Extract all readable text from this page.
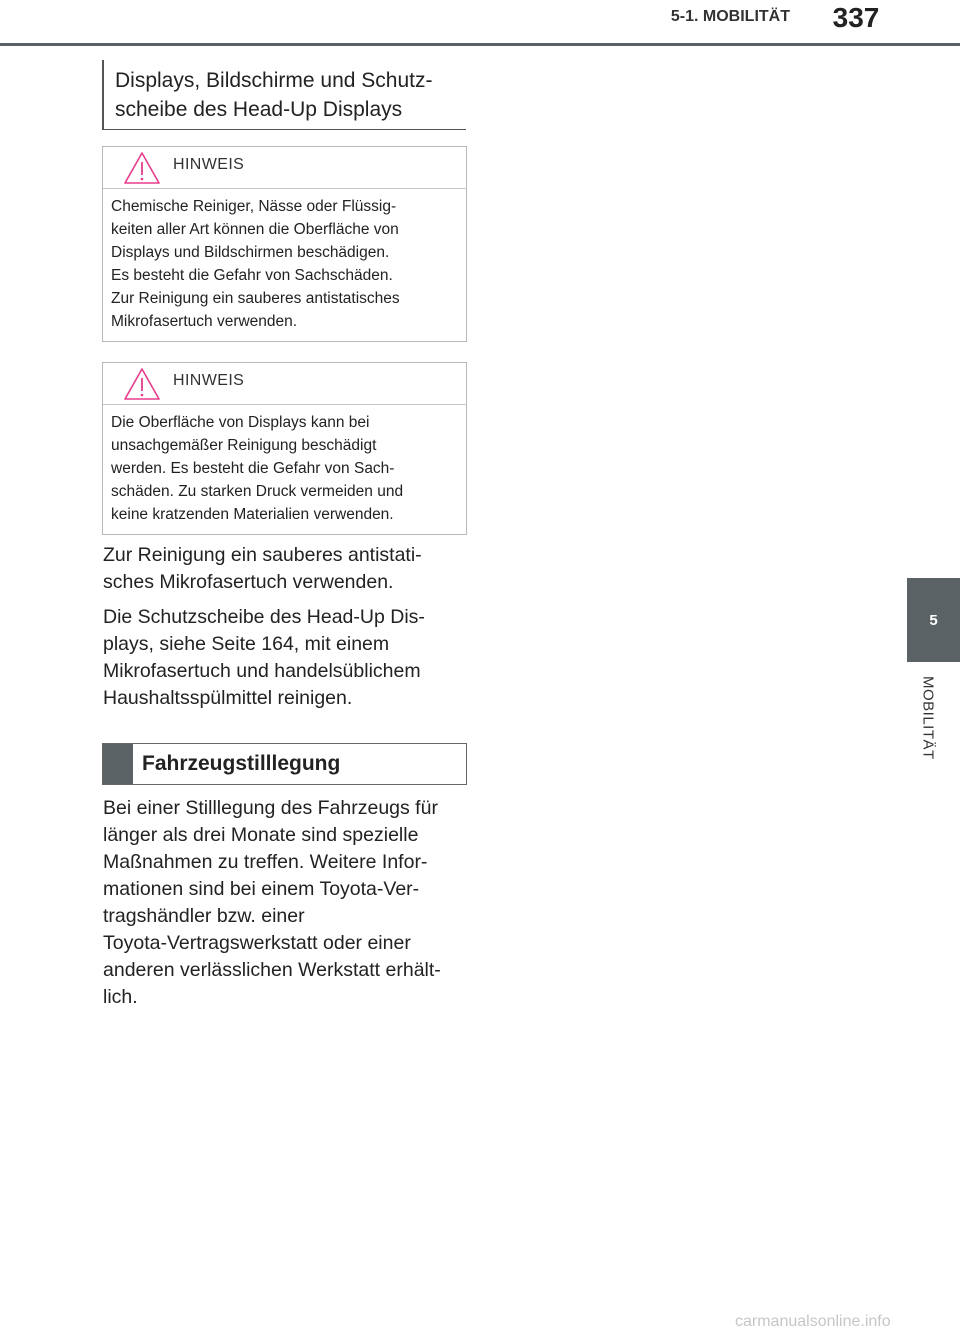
5-1. MOBILITÄT	337
5
MOBILITÄT
Displays, Bildschirme und Schutz-
scheibe des Head-Up Displays
HINWEIS

Chemische Reiniger, Nässe oder Flüssig-

keiten aller Art können die Oberfläche von

Displays und Bildschirmen beschädigen.

Es besteht die Gefahr von Sachschäden.

Zur Reinigung ein sauberes antistatisches

Mikrofasertuch verwenden.

HINWEIS

Die Oberfläche von Displays kann bei

unsachgemäßer Reinigung beschädigt

werden. Es besteht die Gefahr von Sach-

schäden. Zu starken Druck vermeiden und

keine kratzenden Materialien verwenden.

Zur Reinigung ein sauberes antistati-
sches Mikrofasertuch verwenden.

Die Schutzscheibe des Head-Up Dis-
plays, siehe Seite 164, mit einem
Mikrofasertuch und handelsüblichem
Haushaltsspülmittel reinigen.

Fahrzeugstilllegung

Bei einer Stilllegung des Fahrzeugs für
länger als drei Monate sind spezielle
Maßnahmen zu treffen. Weitere Infor-
mationen sind bei einem Toyota-Ver-
tragshändler bzw. einer
Toyota-Vertragswerkstatt oder einer
anderen verlässlichen Werkstatt erhält-
lich.

carmanualsonline.info
